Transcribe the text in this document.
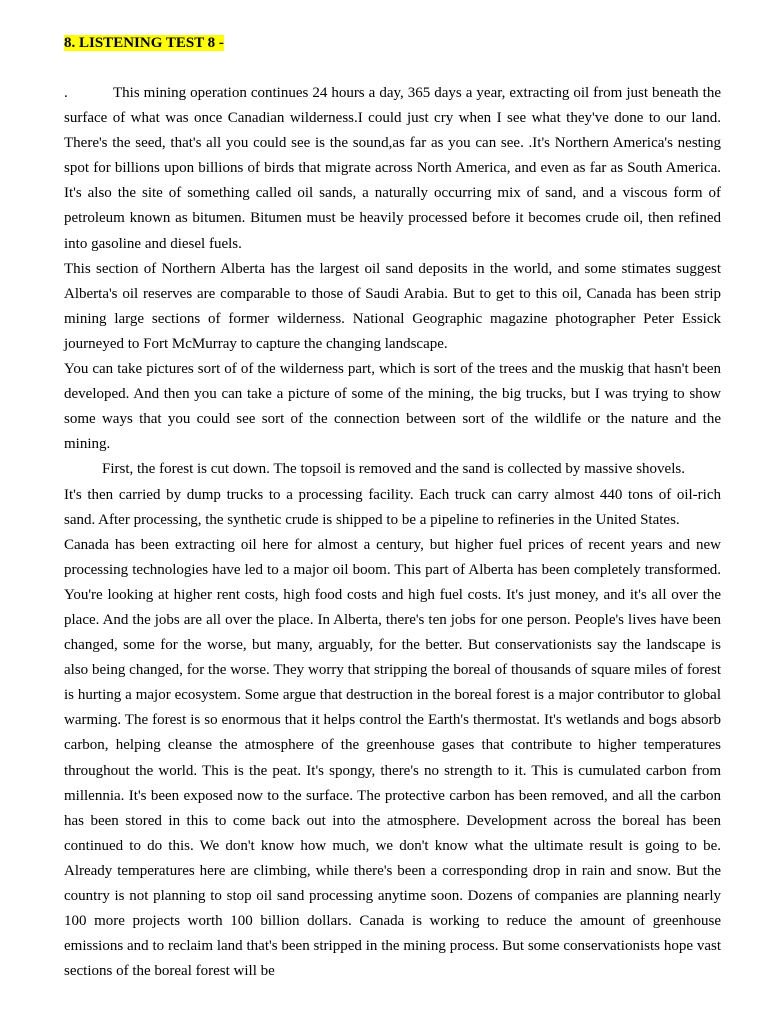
8. LISTENING TEST 8 -

.	This mining operation continues 24 hours a day, 365 days a year, extracting oil from just beneath the surface of what was once Canadian wilderness.I could just cry when I see what they've done to our land. There's the seed, that's all you could see is the sound,as far as you can see. .It's Northern America's nesting spot for billions upon billions of birds that migrate across North America, and even as far as South America. It's also the site of something called oil sands, a naturally occurring mix of sand, and a viscous form of petroleum known as bitumen. Bitumen must be heavily processed before it becomes crude oil, then refined into gasoline and diesel fuels.

This section of Northern Alberta has the largest oil sand deposits in the world, and some stimates suggest Alberta's oil reserves are comparable to those of Saudi Arabia. But to get to this oil, Canada has been strip mining large sections of former wilderness. National Geographic magazine photographer Peter Essick journeyed to Fort McMurray to capture the changing landscape.

You can take pictures sort of of the wilderness part, which is sort of the trees and the muskig that hasn't been developed. And then you can take a picture of some of the mining, the big trucks, but I was trying to show some ways that you could see sort of the connection between sort of the wildlife or the nature and the mining.

First, the forest is cut down. The topsoil is removed and the sand is collected by massive shovels.

It's then carried by dump trucks to a processing facility. Each truck can carry almost 440 tons of oil-rich sand. After processing, the synthetic crude is shipped to be a pipeline to refineries in the United States.

Canada has been extracting oil here for almost a century, but higher fuel prices of recent years and new processing technologies have led to a major oil boom. This part of Alberta has been completely transformed. You're looking at higher rent costs, high food costs and high fuel costs. It's just money, and it's all over the place. And the jobs are all over the place. In Alberta, there's ten jobs for one person. People's lives have been changed, some for the worse, but many, arguably, for the better. But conservationists say the landscape is also being changed, for the worse. They worry that stripping the boreal of thousands of square miles of forest is hurting a major ecosystem. Some argue that destruction in the boreal forest is a major contributor to global warming. The forest is so enormous that it helps control the Earth's thermostat. It's wetlands and bogs absorb carbon, helping cleanse the atmosphere of the greenhouse gases that contribute to higher temperatures throughout the world. This is the peat. It's spongy, there's no strength to it. This is cumulated carbon from millennia. It's been exposed now to the surface. The protective carbon has been removed, and all the carbon has been stored in this to come back out into the atmosphere. Development across the boreal has been continued to do this. We don't know how much, we don't know what the ultimate result is going to be. Already temperatures here are climbing, while there's been a corresponding drop in rain and snow. But the country is not planning to stop oil sand processing anytime soon. Dozens of companies are planning nearly 100 more projects worth 100 billion dollars. Canada is working to reduce the amount of greenhouse emissions and to reclaim land that's been stripped in the mining process. But some conservationists hope vast sections of the boreal forest will be
